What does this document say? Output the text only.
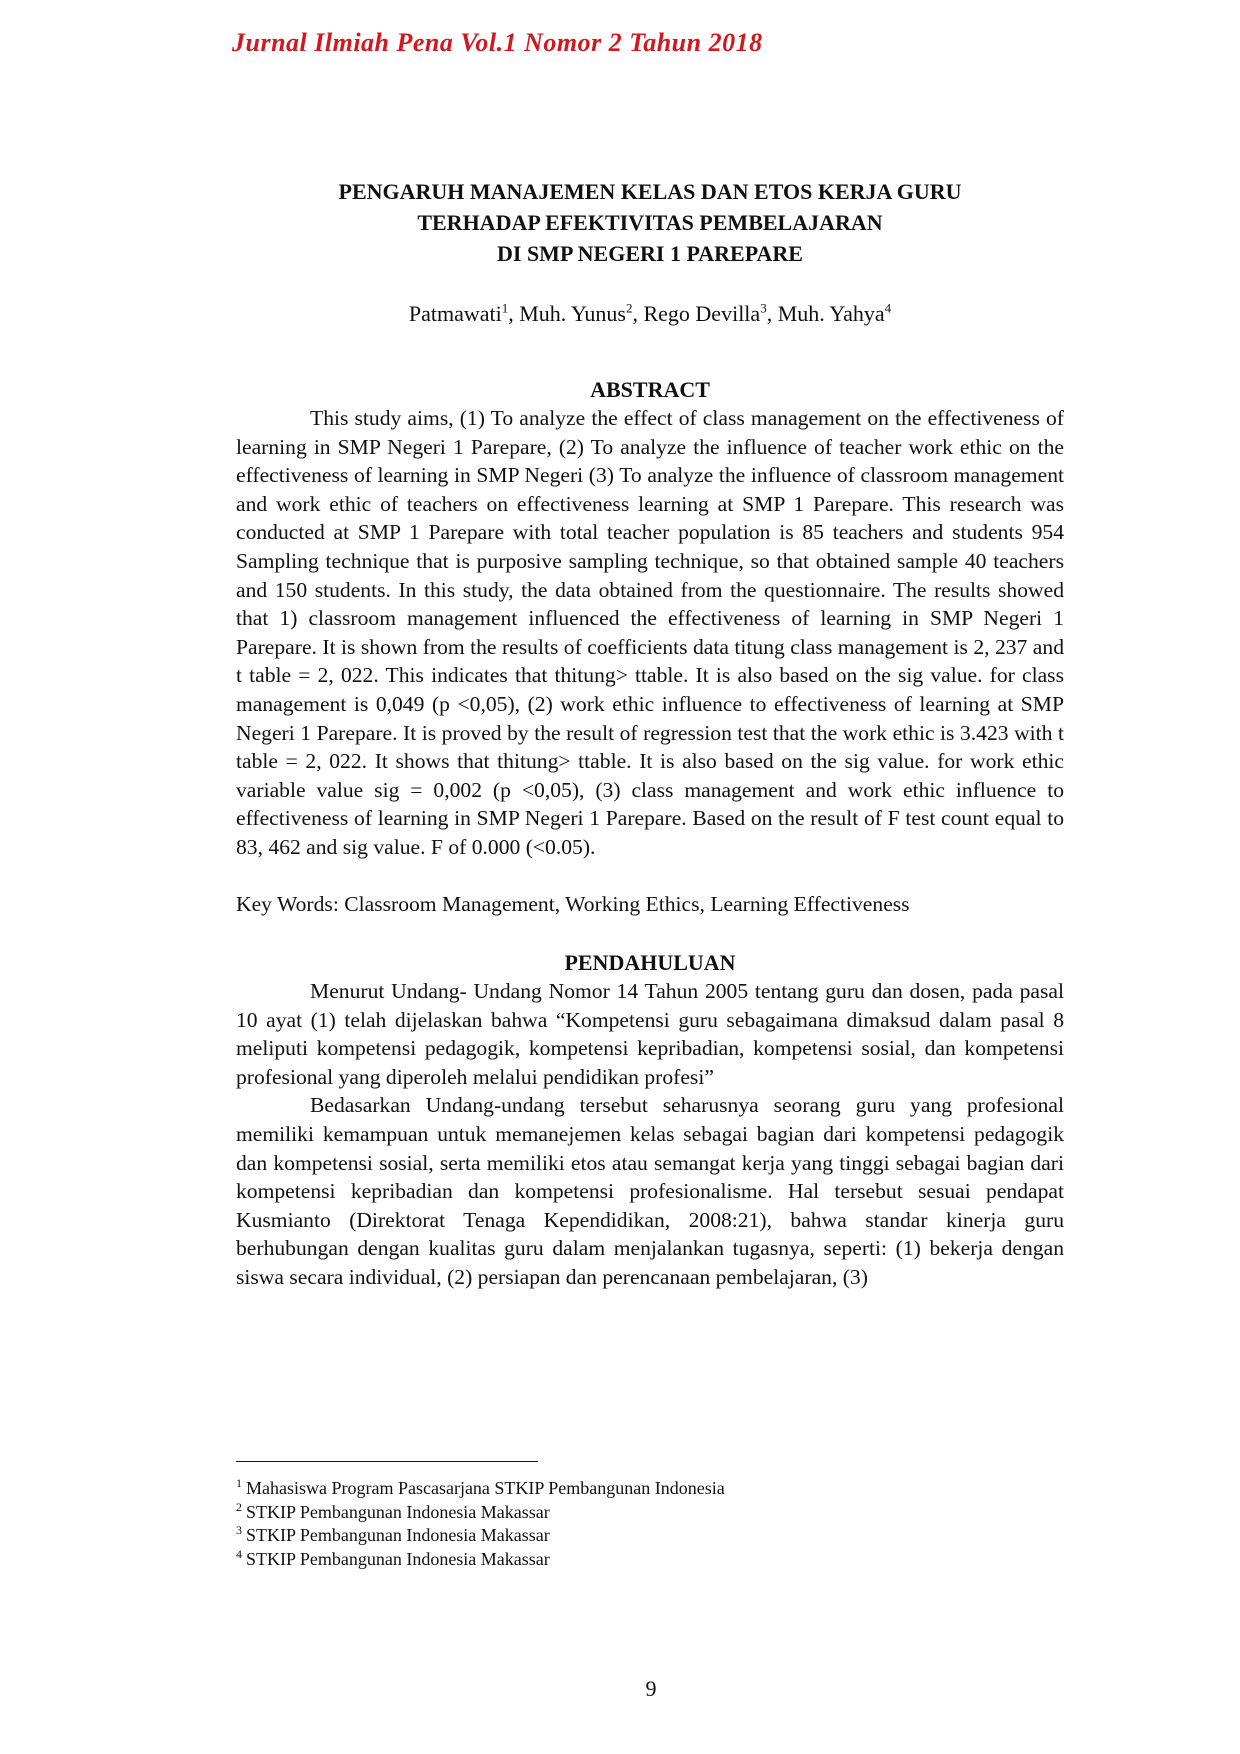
Jurnal Ilmiah Pena Vol.1 Nomor 2 Tahun 2018
PENGARUH MANAJEMEN KELAS DAN ETOS KERJA GURU
TERHADAP EFEKTIVITAS PEMBELAJARAN
DI SMP NEGERI 1 PAREPARE

Patmawati$^1$, Muh. Yunus$^2$, Rego Devilla$^3$, Muh. Yahya$^4$

ABSTRACT

This study aims, (1) To analyze the effect of class management on the effectiveness of learning in SMP Negeri 1 Parepare, (2) To analyze the influence of teacher work ethic on the effectiveness of learning in SMP Negeri (3) To analyze the influence of classroom management and work ethic of teachers on effectiveness learning at SMP 1 Parepare. This research was conducted at SMP 1 Parepare with total teacher population is 85 teachers and students 954 Sampling technique that is purposive sampling technique, so that obtained sample 40 teachers and 150 students. In this study, the data obtained from the questionnaire. The results showed that 1) classroom management influenced the effectiveness of learning in SMP Negeri 1 Parepare. It is shown from the results of coefficients data titung class management is 2, 237 and t table = 2, 022. This indicates that thitung> ttable. It is also based on the sig value. for class management is 0,049 (p <0,05), (2) work ethic influence to effectiveness of learning at SMP Negeri 1 Parepare. It is proved by the result of regression test that the work ethic is 3.423 with t table = 2, 022. It shows that thitung> ttable. It is also based on the sig value. for work ethic variable value sig = 0,002 (p <0,05), (3) class management and work ethic influence to effectiveness of learning in SMP Negeri 1 Parepare. Based on the result of F test count equal to 83, 462 and sig value. F of 0.000 (<0.05).

Key Words: Classroom Management, Working Ethics, Learning Effectiveness

PENDAHULUAN

Menurut Undang- Undang Nomor 14 Tahun 2005 tentang guru dan dosen, pada pasal 10 ayat (1) telah dijelaskan bahwa “Kompetensi guru sebagaimana dimaksud dalam pasal 8 meliputi kompetensi pedagogik, kompetensi kepribadian, kompetensi sosial, dan kompetensi profesional yang diperoleh melalui pendidikan profesi”

Bedasarkan Undang-undang tersebut seharusnya seorang guru yang profesional memiliki kemampuan untuk memanejemen kelas sebagai bagian dari kompetensi pedagogik dan kompetensi sosial, serta memiliki etos atau semangat kerja yang tinggi sebagai bagian dari kompetensi kepribadian dan kompetensi profesionalisme. Hal tersebut sesuai pendapat Kusmianto (Direktorat Tenaga Kependidikan, 2008:21), bahwa standar kinerja guru berhubungan dengan kualitas guru dalam menjalankan tugasnya, seperti: (1) bekerja dengan siswa secara individual, (2) persiapan dan perencanaan pembelajaran, (3)

$^1$ Mahasiswa Program Pascasarjana STKIP Pembangunan Indonesia
$^2$ STKIP Pembangunan Indonesia Makassar
$^3$ STKIP Pembangunan Indonesia Makassar
$^4$ STKIP Pembangunan Indonesia Makassar
9
